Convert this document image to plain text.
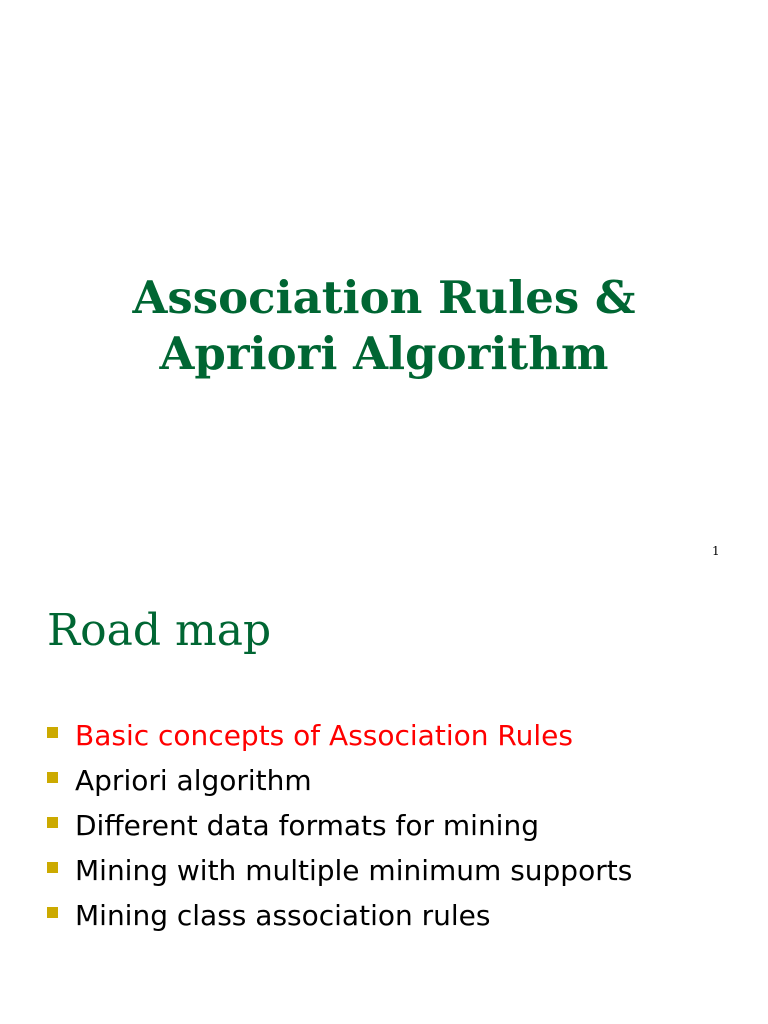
Association Rules &
Apriori Algorithm
1
Road map
Basic concepts of Association Rules
Apriori algorithm
Different data formats for mining
Mining with multiple minimum supports
Mining class association rules
